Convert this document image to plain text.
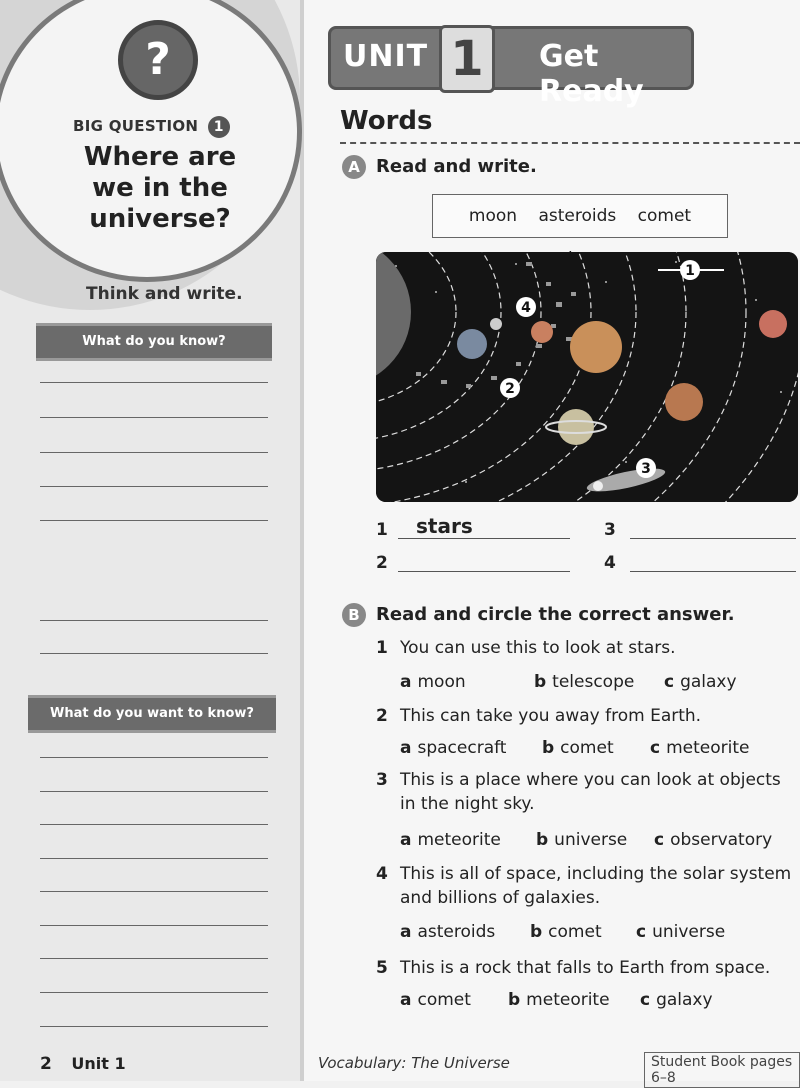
?
BIG QUESTION 1
Where are we in the universe?
Think and write.
What do you know?
What do you want to know?
2 Unit 1
UNIT 1	Get Ready
Words
A Read and write.
moon asteroids comet
1
2
3
4
1 stars	3
2	4
B Read and circle the correct answer.
1 You can use this to look at stars.
a moon	b telescope c galaxy
2 This can take you away from Earth.
a spacecraft b comet c meteorite
3 This is a place where you can look at objects in the night sky.
a meteorite b universe c observatory
4 This is all of space, including the solar system and billions of galaxies.
a asteroids b comet c universe
5 This is a rock that falls to Earth from space.
a comet b meteorite c galaxy
Vocabulary: The Universe	Student Book pages 6–8
